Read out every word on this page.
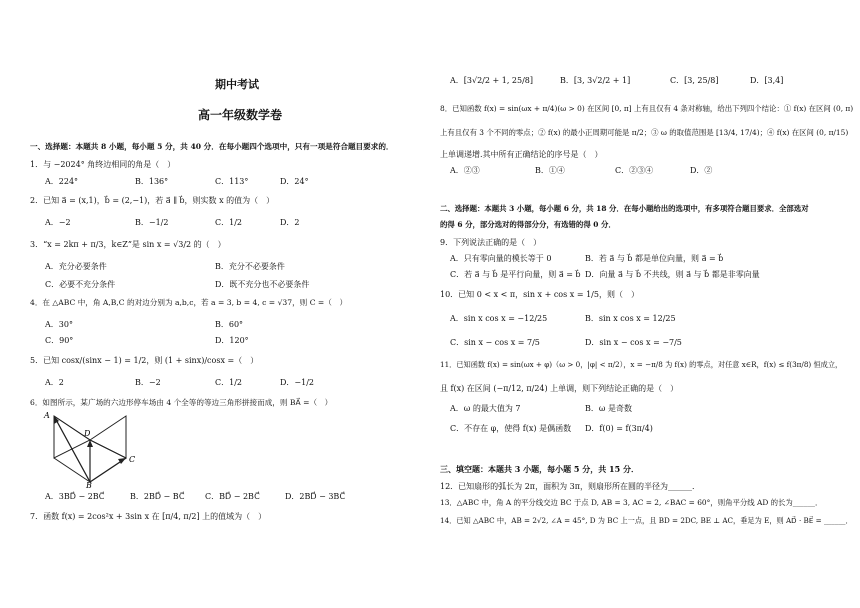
期中考试
高一年级数学卷
一、选择题：本题共 8 小题，每小题 5 分，共 40 分．在每小题四个选项中，只有一项是符合题目要求的．
1．与 −2024° 角终边相同的角是（　）
A．224°	B．136°	C．113°	D．24°
2．已知 a⃗ = (x,1)，b⃗ = (2,−1)，若 a⃗ ∥ b⃗，则实数 x 的值为（　）
A．−2	B．−1/2	C．1/2	D．2
3．“x = 2kπ + π/3，k∈Z”是 sin x = √3/2 的（　）
A．充分必要条件	B．充分不必要条件
C．必要不充分条件	D．既不充分也不必要条件
4．在 △ABC 中，角 A,B,C 的对边分别为 a,b,c，若 a = 3, b = 4, c = √37，则 C =（　）
A．30°	B．60°
C．90°	D．120°
5．已知 cosx/(sinx − 1) = 1/2，则 (1 + sinx)/cosx =（　）
A．2	B．−2	C．1/2	D．−1/2
6．如图所示，某广场的六边形停车场由 4 个全等的等边三角形拼接而成，则 BA⃗ =（　）
A
D
C
B
A．3BD⃗ − 2BC⃗	B．2BD⃗ − BC⃗	C．BD⃗ − 2BC⃗	D．2BD⃗ − 3BC⃗
7．函数 f(x) = 2cos²x + 3sin x 在 [π/4, π/2] 上的值域为（　）
A．[3√2/2 + 1, 25/8]	B．[3, 3√2/2 + 1]	C．[3, 25/8]	D．[3,4]
8．已知函数 f(x) = sin(ωx + π/4)(ω > 0) 在区间 [0, π] 上有且仅有 4 条对称轴，给出下列四个结论：① f(x) 在区间 (0, π)
上有且仅有 3 个不同的零点；② f(x) 的最小正周期可能是 π/2；③ ω 的取值范围是 [13/4, 17/4)；④ f(x) 在区间 (0, π/15)
上单调递增.其中所有正确结论的序号是（　）
A．②③	B．①④	C．②③④	D．②
二、选择题：本题共 3 小题，每小题 6 分，共 18 分．在每小题给出的选项中，有多项符合题目要求．全部选对
的得 6 分，部分选对的得部分分，有选错的得 0 分．
9．下列说法正确的是（　）
A．只有零向量的模长等于 0	B．若 a⃗ 与 b⃗ 都是单位向量，则 a⃗ = b⃗
C．若 a⃗ 与 b⃗ 是平行向量，则 a⃗ = b⃗ D．向量 a⃗ 与 b⃗ 不共线，则 a⃗ 与 b⃗ 都是非零向量
10．已知 0 < x < π，sin x + cos x = 1/5，则（　）
A．sin x cos x = −12/25	B．sin x cos x = 12/25
C．sin x − cos x = 7/5	D．sin x − cos x = −7/5
11．已知函数 f(x) = sin(ωx + φ)（ω > 0，|φ| < π/2），x = −π/8 为 f(x) 的零点，对任意 x∈R，f(x) ≤ f(3π/8) 恒成立，
且 f(x) 在区间 (−π/12, π/24) 上单调，则下列结论正确的是（　）
A．ω 的最大值为 7	B．ω 是奇数
C．不存在 φ，使得 f(x) 是偶函数 D．f(0) = f(3π/4)
三、填空题：本题共 3 小题，每小题 5 分，共 15 分．
12．已知扇形的弧长为 2π，面积为 3π，则扇形所在圆的半径为______．
13．△ABC 中，角 A 的平分线交边 BC 于点 D, AB = 3, AC = 2, ∠BAC = 60°，则角平分线 AD 的长为______．
14．已知 △ABC 中，AB = 2√2, ∠A = 45°, D 为 BC 上一点，且 BD = 2DC, BE ⊥ AC，垂足为 E，则 AD⃗ · BE⃗ = ______．
